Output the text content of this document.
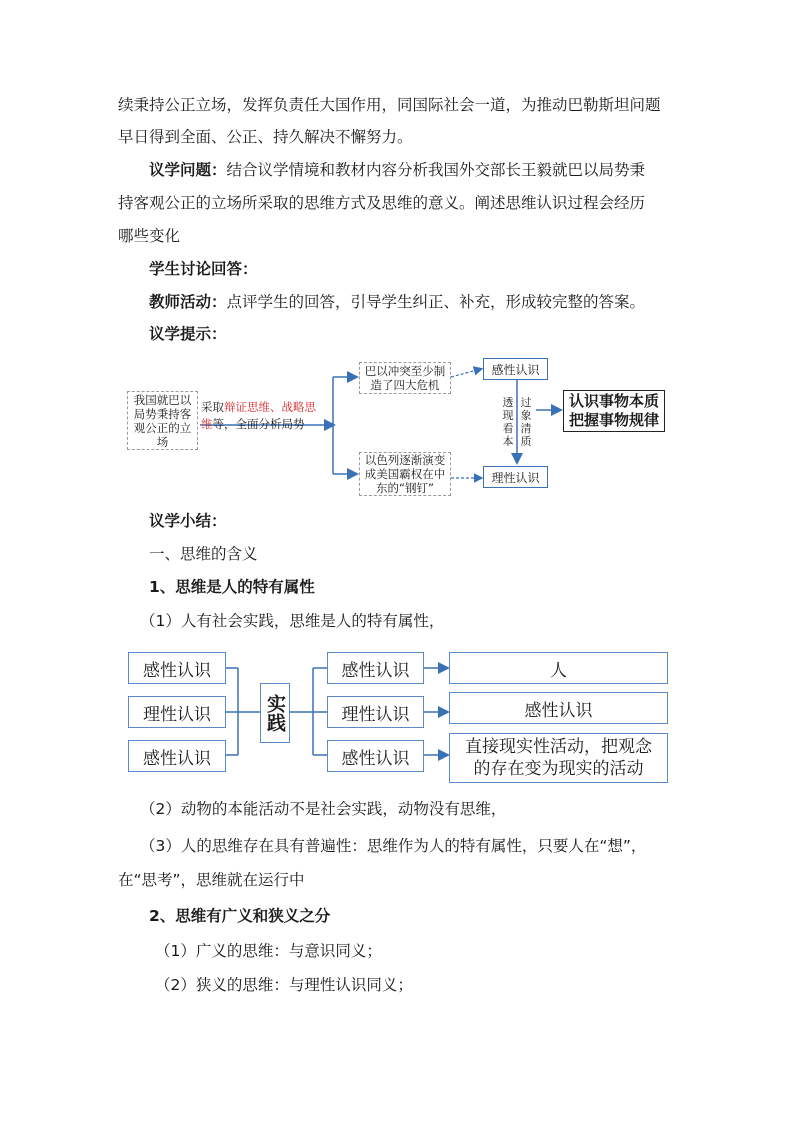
续秉持公正立场，发挥负责任大国作用，同国际社会一道，为推动巴勒斯坦问题
早日得到全面、公正、持久解决不懈努力。
议学问题：结合议学情境和教材内容分析我国外交部长王毅就巴以局势秉
持客观公正的立场所采取的思维方式及思维的意义。阐述思维认识过程会经历
哪些变化
学生讨论回答：
教师活动：点评学生的回答，引导学生纠正、补充，形成较完整的答案。
议学提示：
我国就巴以局势秉持客观公正的立场
采取辩证思维、战略思
维等，全面分析局势
巴以冲突至少制造了四大危机
以色列逐渐演变成美国霸权在中东的“钢钉”
感性认识
理性认识
透
现
看
本
过
象
清
质
认识事物本质
把握事物规律
议学小结：
一、思维的含义
1、思维是人的特有属性
（1）人有社会实践，思维是人的特有属性，
感性认识
理性认识
感性认识
实践
感性认识
理性认识
感性认识
人
感性认识
直接现实性活动，把观念
的存在变为现实的活动
（2）动物的本能活动不是社会实践，动物没有思维，
（3）人的思维存在具有普遍性：思维作为人的特有属性，只要人在“想”，
在“思考”，思维就在运行中
2、思维有广义和狭义之分
（1）广义的思维：与意识同义；
（2）狭义的思维：与理性认识同义；
